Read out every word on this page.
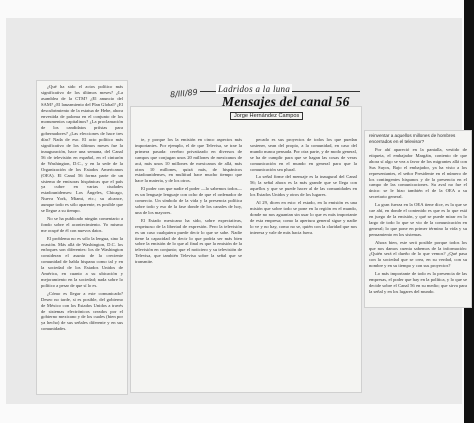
¿Qué ha sido el actos político más significativo de los últimos meses? ¿La asamblea de la CTM? ¿El anuncio del SAM? ¿El lanzamiento del Plan Global? ¿El descubrimiento de la estatua de Hebe, ahora envestida de paloma en el conjunto de los monumentos capitalinos? ¿La proclamación de los candidatos priístas para gobernadores? ¿Las elecciones de hace tres días? Nada de eso. El acto político más significativo de los últimos meses fue la inauguración, hace una semana, del Canal 56 de televisión en español, en el cinturón de Washington, D.C., y en la sede de la Organización de los Estados Americanos (OEA). El Canal 56 forma parte de un sistema de emisoras hispánicas que el país ya cubre en varias ciudades estadounidenses: Los Ángeles, Chicago, Nueva York, Miami, etc.; su alcance, aunque todo es sólo aparente, es posible que se llegue a su tiempo.

No se ha publicado ningún comentario a fondo sobre el acontecimiento. Yo mismo me ocupé de él con nuevos datos.

El problema no es sólo la lengua, sino la ocasión. Más allá de Washington, D.C. los enfoques son diferentes: los de Washington consideran el asunto de la creciente comunidad de habla hispana como tal y en la sociedad de los Estados Unidos de América, en cuanto a su ubicación y mejoramiento en la sociedad; nada sobre lo político a pesar de que sí lo es.

¿Cómo es llegar a este comunicado? Deseo no tarde, si es posible, del gobierno de México con los Estados Unidos a través de sistemas electrónicos creados por el gobierno mexicano y de los cuales (bien por ya hecho) de sus señales diferente y en sus comunidades.

te, y porque los la emisión en cinco aspectos más importantes. Por ejemplo, el de que Televisa, se trae la primera pasada: cerebro privatizado en diversos de campos que conjugan unos 20 millones de mexicanos de acá, más unos 10 millones de mexicanos de allá, más otros 10 millones, quizá más, de hispánicos estadounidenses, en multitud hace mucho tiempo que hace la materia, y de los otros.

El poder con que nadie el poder —lo sabemos todos— es un lenguaje lenguaje con ocho de que el ordenador de comercio. Un símbolo de la vida y la presencia política sobre todo y eso de la fase donde de los canales de hoy, una de los mayores.

El Estado mexicano ha sido, sobre expectativas, respetuoso de la libertad de expresión. Pero la televisión es un caso cualquiera puede decir lo que se sabe. Nadie tiene la capacidad de decir lo que podría ser más bien sobre la emisión de lo que al final es que la emisión de la televisión en conjunto; que el noticiero y su televisión de Televisa, que también Televisa sobre la señal que se transmite.

pecado es sus proyectos de todos los que puedan sostener, sean del propio, a la comunidad, en caso del mundo nunca pensada. Por otra parte, y de modo general, se ha de cumplir para que se hagan las cosas de veras comunicación en el mundo en general para que la comunicación sea plural.

La señal firme del mensaje es la inaugural del Canal 56; la señal ahora es la más grande que se llega con aquellos y que se puede hacer al de las comunidades en los Estados Unidos y otros de los lugares.

Al 29, dicen en esto: el estado, en la emisión es una misión que sobre todo se pone en la región en el mundo, donde no nos aguantan sin usar lo que es más importante de esta empresa; como la apertura general sigue y nadie lo ve y no hay, como no se, quién con la claridad que nos interesa y vale de más hacia fuera.

reinventar a aquellos millones de hombres encerrados en el televisor?

Por ahí apareció en la pantalla, vestido de etiqueta, el embajador Margáin, contento de que ahora sí algo se vea a favor de los migrantes allá con Sus Suyos, Bajo el embajador, ya ha visto a los representantes, el señor Presidente en el número de los contingentes hispanos y de la presencia en el campo de las comunicaciones. Su aval no fue el único: se le hizo también el de la OEA a su secretario general.

La gran fuerza en la OEA tiene dice, es la que se cae ahí, en donde el contenido es que es lo que está en juego de la emisión, y qué se puede mirar en lo largo de todo lo que se vio de la comunicación en general; lo que pone en primer término la vida y su pensamiento en los sistemas.

Ahora bien, este será posible porque todos los que nos damos cuenta sabemos de la información: ¿Quién será el dueño de lo que vemos? ¿Qué pasa con la sociedad que se crea, en su verdad, con su nombre y en su tiempo y con sus proyectos?

Lo más importante de todo es la presencia de las empresas, el poder que hay en la política, y lo que se decide sobre el Canal 56 en su medio; que sirva para la señal y en los lugares del mundo.

Ladridos a la luna
Mensajes del canal 56
Jorge Hernández Campos
8/III/89
